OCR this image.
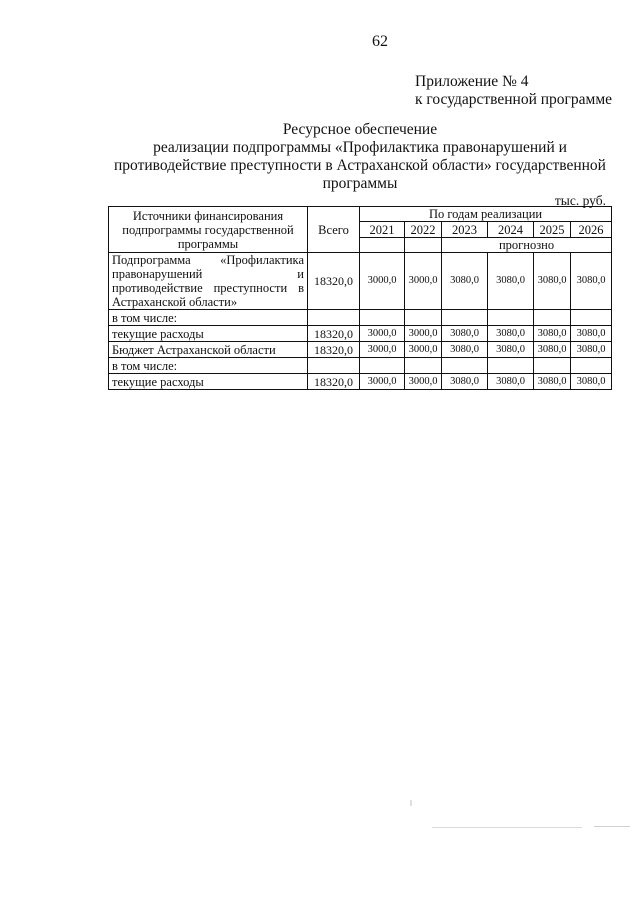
62
Приложение № 4
к государственной программе
Ресурсное обеспечение
реализации подпрограммы «Профилактика правонарушений и
противодействие преступности в Астраханской области» государственной
программы
тыс. руб.
Источники финансирования подпрограммы государственной программы	Всего	По годам реализации					
		2021	2022	2023	2024	2025	2026
				прогнозно			
Подпрограмма «Профилактика правонарушений и противодействие преступности в Астраханской области»	18320,0	3000,0	3000,0	3080,0	3080,0	3080,0	3080,0
в том числе:							
текущие расходы	18320,0	3000,0	3000,0	3080,0	3080,0	3080,0	3080,0
Бюджет Астраханской области	18320,0	3000,0	3000,0	3080,0	3080,0	3080,0	3080,0
в том числе:							
текущие расходы	18320,0	3000,0	3000,0	3080,0	3080,0	3080,0	3080,0
